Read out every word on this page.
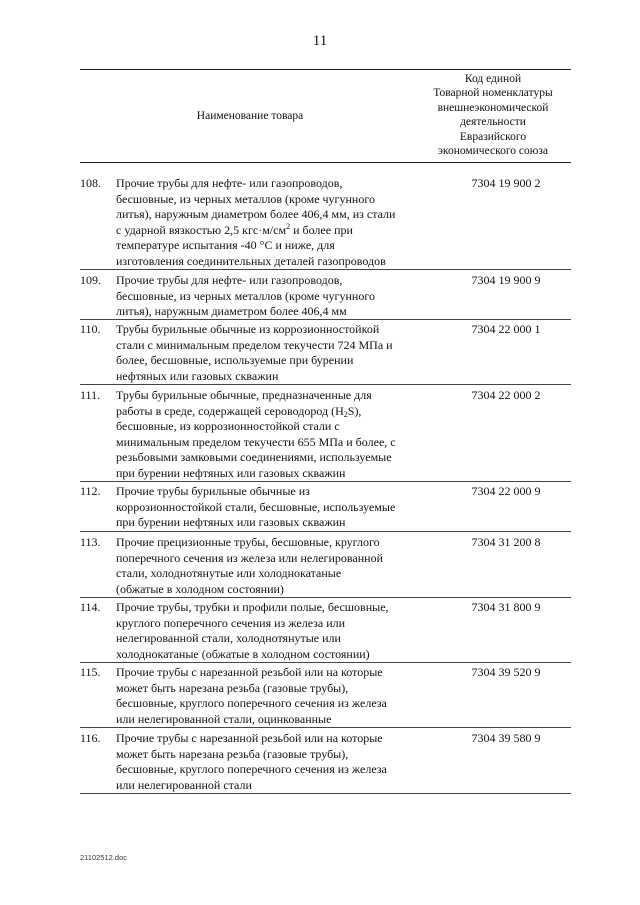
11
Наименование товара
Код единой
Товарной номенклатуры
внешнеэкономической
деятельности
Евразийского
экономического союза
108.	Прочие трубы для нефте- или газопроводов,
бесшовные, из черных металлов (кроме чугунного
литья), наружным диаметром более 406,4 мм, из стали
с ударной вязкостью 2,5 $кгс\cdot м/см^2$ и более при
температуре испытания -40 °С и ниже, для
изготовления соединительных деталей газопроводов
7304 19 900 2
109.	Прочие трубы для нефте- или газопроводов,
бесшовные, из черных металлов (кроме чугунного
литья), наружным диаметром более 406,4 мм
7304 19 900 9
110.	Трубы бурильные обычные из коррозионностойкой
стали с минимальным пределом текучести 724 МПа и
более, бесшовные, используемые при бурении
нефтяных или газовых скважин
7304 22 000 1
111.	Трубы бурильные обычные, предназначенные для
работы в среде, содержащей сероводород $(H_2S)$,
бесшовные, из коррозионностойкой стали с
минимальным пределом текучести 655 МПа и более, с
резьбовыми замковыми соединениями, используемые
при бурении нефтяных или газовых скважин
7304 22 000 2
112.	Прочие трубы бурильные обычные из
коррозионностойкой стали, бесшовные, используемые
при бурении нефтяных или газовых скважин
7304 22 000 9
113.	Прочие прецизионные трубы, бесшовные, круглого
поперечного сечения из железа или нелегированной
стали, холоднотянутые или холоднокатаные
(обжатые в холодном состоянии)
7304 31 200 8
114.	Прочие трубы, трубки и профили полые, бесшовные,
круглого поперечного сечения из железа или
нелегированной стали, холоднотянутые или
холоднокатаные (обжатые в холодном состоянии)
7304 31 800 9
115.	Прочие трубы с нарезанной резьбой или на которые
может быть нарезана резьба (газовые трубы),
бесшовные, круглого поперечного сечения из железа
или нелегированной стали, оцинкованные
7304 39 520 9
116.	Прочие трубы с нарезанной резьбой или на которые
может быть нарезана резьба (газовые трубы),
бесшовные, круглого поперечного сечения из железа
или нелегированной стали
7304 39 580 9
21102512.doc
